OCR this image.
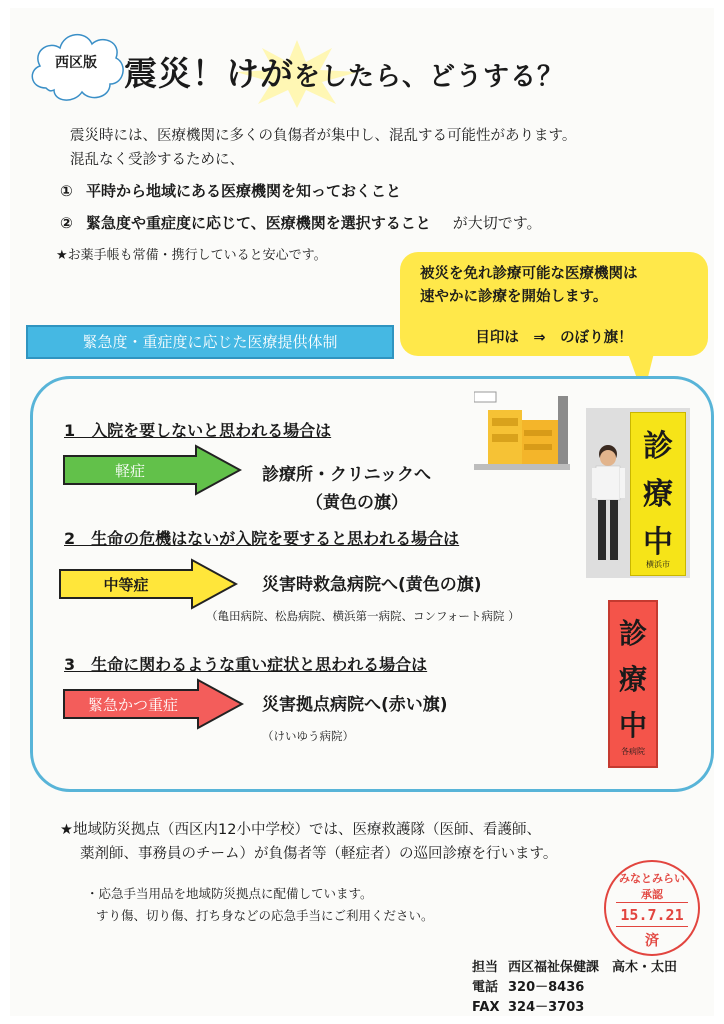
西区版 震災！けがをしたら、どうする？
震災時には、医療機関に多くの負傷者が集中し、混乱する可能性があります。
混乱なく受診するために、
① 平時から地域にある医療機関を知っておくこと
② 緊急度や重症度に応じて、医療機関を選択すること が大切です。
★お薬手帳も常備・携行していると安心です。
被災を免れ診療可能な医療機関は
速やかに診療を開始します。
目印は　⇒　のぼり旗！
緊急度・重症度に応じた医療提供体制
診
療
中
横浜市
診
療
中
各病院
1　入院を要しないと思われる場合は
軽症	診療所・クリニックへ
（黄色の旗）
2　生命の危機はないが入院を要すると思われる場合は
中等症	災害時救急病院へ(黄色の旗)
（亀田病院、松島病院、横浜第一病院、コンフォート病院 ）
3　生命に関わるような重い症状と思われる場合は
緊急かつ重症	災害拠点病院へ(赤い旗)
（けいゆう病院）
★地域防災拠点（西区内12小中学校）では、医療救護隊（医師、看護師、
薬剤師、事務員のチーム）が負傷者等（軽症者）の巡回診療を行います。
・応急手当用品を地域防災拠点に配備しています。
すり傷、切り傷、打ち身などの応急手当にご利用ください。
みなとみらい
承認
15.7.21
済
担当 西区福祉保健課　高木・太田
電話 320－8436
FAX 324－3703
